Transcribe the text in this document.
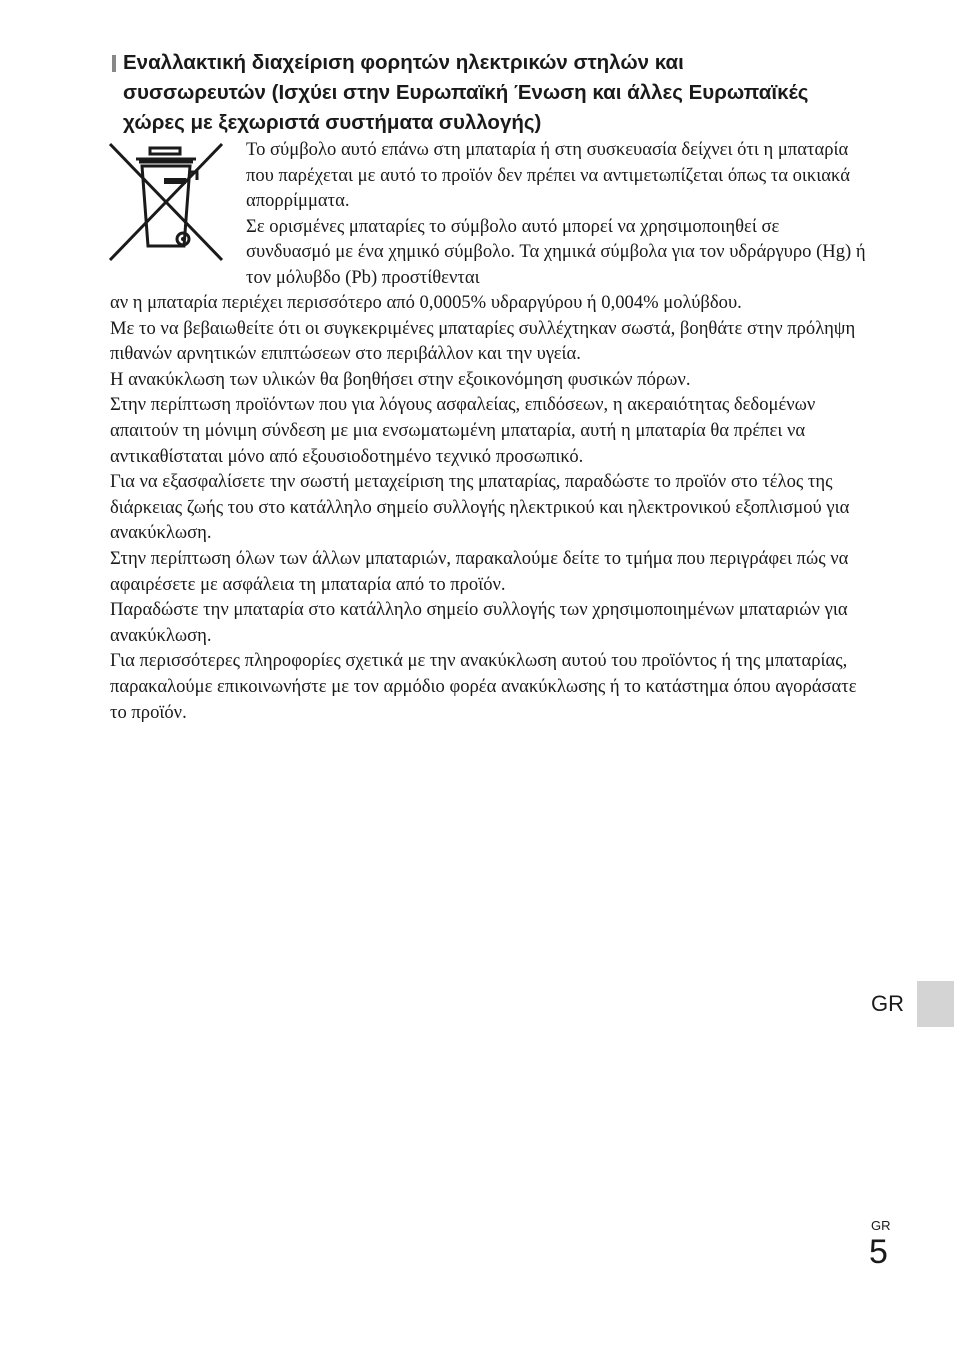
Εναλλακτική διαχείριση φορητών ηλεκτρικών στηλών και συσσωρευτών (Ισχύει στην Ευρωπαϊκή Ένωση και άλλες Ευρωπαϊκές χώρες με ξεχωριστά συστήματα συλλογής)
Το σύμβολο αυτό επάνω στη μπαταρία ή στη συσκευασία δείχνει ότι η μπαταρία που παρέχεται με αυτό το προϊόν δεν πρέπει να αντιμετωπίζεται όπως τα οικιακά απορρίμματα.
Σε ορισμένες μπαταρίες το σύμβολο αυτό μπορεί να χρησιμοποιηθεί σε συνδυασμό με ένα χημικό σύμβολο. Τα χημικά σύμβολα για τον υδράργυρο (Hg) ή τον μόλυβδο (Pb) προστίθενται

αν η μπαταρία περιέχει περισσότερο από 0,0005% υδραργύρου ή 0,004% μολύβδου.

Με το να βεβαιωθείτε ότι οι συγκεκριμένες μπαταρίες συλλέχτηκαν σωστά, βοηθάτε στην πρόληψη πιθανών αρνητικών επιπτώσεων στο περιβάλλον και την υγεία.

Η ανακύκλωση των υλικών θα βοηθήσει στην εξοικονόμηση φυσικών πόρων.

Στην περίπτωση προϊόντων που για λόγους ασφαλείας, επιδόσεων, η ακεραιότητας δεδομένων απαιτούν τη μόνιμη σύνδεση με μια ενσωματωμένη μπαταρία, αυτή η μπαταρία θα πρέπει να αντικαθίσταται μόνο από εξουσιοδοτημένο τεχνικό προσωπικό.

Για να εξασφαλίσετε την σωστή μεταχείριση της μπαταρίας, παραδώστε το προϊόν στο τέλος της διάρκειας ζωής του στο κατάλληλο σημείο συλλογής ηλεκτρικού και ηλεκτρονικού εξοπλισμού για ανακύκλωση.

Στην περίπτωση όλων των άλλων μπαταριών, παρακαλούμε δείτε το τμήμα που περιγράφει πώς να αφαιρέσετε με ασφάλεια τη μπαταρία από το προϊόν.

Παραδώστε την μπαταρία στο κατάλληλο σημείο συλλογής των χρησιμοποιημένων μπαταριών για ανακύκλωση.

Για περισσότερες πληροφορίες σχετικά με την ανακύκλωση αυτού του προϊόντος ή της μπαταρίας, παρακαλούμε επικοινωνήστε με τον αρμόδιο φορέα ανακύκλωσης ή το κατάστημα όπου αγοράσατε το προϊόν.

GR
GR
5
